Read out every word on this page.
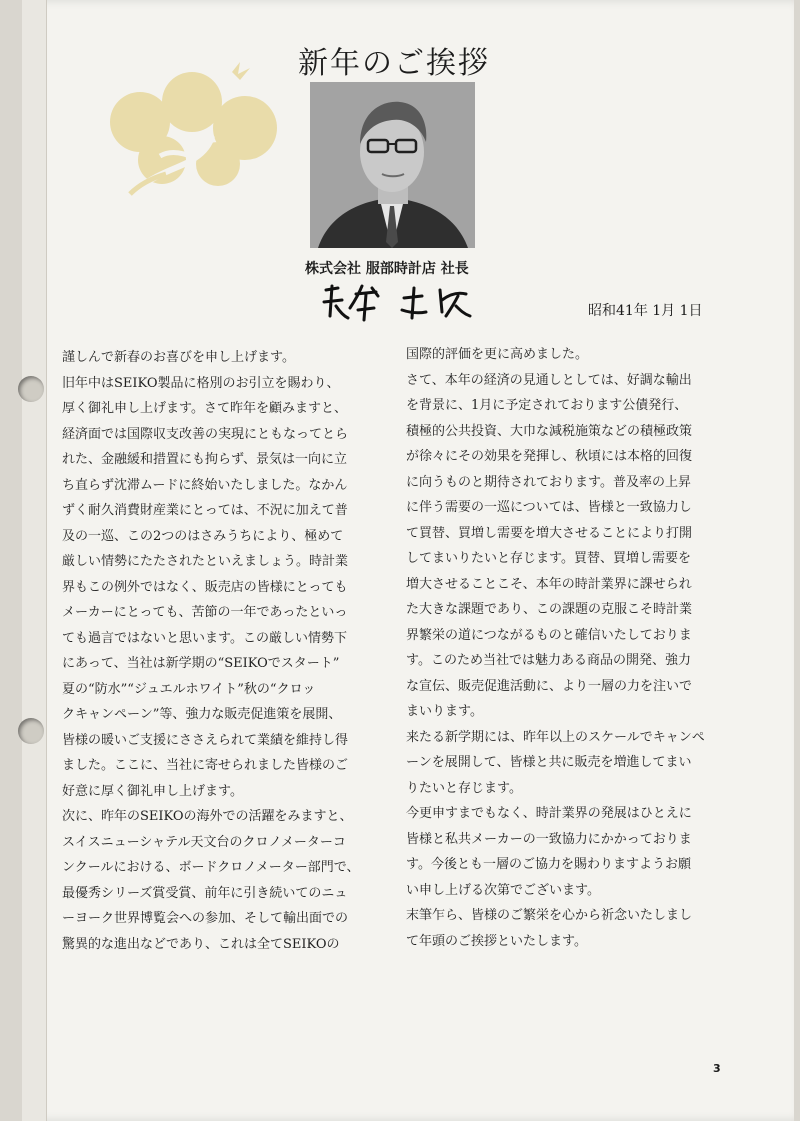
新年のご挨拶
株式会社 服部時計店 社長
昭和41年 1月 1日

謹しんで新春のお喜びを申し上げます。

旧年中はSEIKO製品に格別のお引立を賜わり、
厚く御礼申し上げます。さて昨年を顧みますと、
経済面では国際収支改善の実現にともなってとら
れた、金融緩和措置にも拘らず、景気は一向に立
ち直らず沈滞ムードに終始いたしました。なかん
ずく耐久消費財産業にとっては、不況に加えて普
及の一巡、この2つのはさみうちにより、極めて
厳しい情勢にたたされたといえましょう。時計業
界もこの例外ではなく、販売店の皆様にとっても
メーカーにとっても、苦節の一年であったといっ
ても過言ではないと思います。この厳しい情勢下
にあって、当社は新学期の“SEIKOでスタート”
夏の“防水”“ジュエルホワイト”秋の“クロッ
クキャンペーン”等、強力な販売促進策を展開、
皆様の暖いご支援にささえられて業績を維持し得
ました。ここに、当社に寄せられました皆様のご
好意に厚く御礼申し上げます。

次に、昨年のSEIKOの海外での活躍をみますと、
スイスニューシャテル天文台のクロノメーターコ
ンクールにおける、ボードクロノメーター部門で、
最優秀シリーズ賞受賞、前年に引き続いてのニュ
ーヨーク世界博覧会への参加、そして輸出面での
驚異的な進出などであり、これは全てSEIKOの

国際的評価を更に高めました。

さて、本年の経済の見通しとしては、好調な輸出
を背景に、1月に予定されております公債発行、
積極的公共投資、大巾な減税施策などの積極政策
が徐々にその効果を発揮し、秋頃には本格的回復
に向うものと期待されております。普及率の上昇
に伴う需要の一巡については、皆様と一致協力し
て買替、買増し需要を増大させることにより打開
してまいりたいと存じます。買替、買増し需要を
増大させることこそ、本年の時計業界に課せられ
た大きな課題であり、この課題の克服こそ時計業
界繁栄の道につながるものと確信いたしておりま
す。このため当社では魅力ある商品の開発、強力
な宣伝、販売促進活動に、より一層の力を注いで
まいります。

来たる新学期には、昨年以上のスケールでキャンペ
ーンを展開して、皆様と共に販売を増進してまい
りたいと存じます。

今更申すまでもなく、時計業界の発展はひとえに
皆様と私共メーカーの一致協力にかかっておりま
す。今後とも一層のご協力を賜わりますようお願
い申し上げる次第でございます。

末筆乍ら、皆様のご繁栄を心から祈念いたしまし
て年頭のご挨拶といたします。

3
